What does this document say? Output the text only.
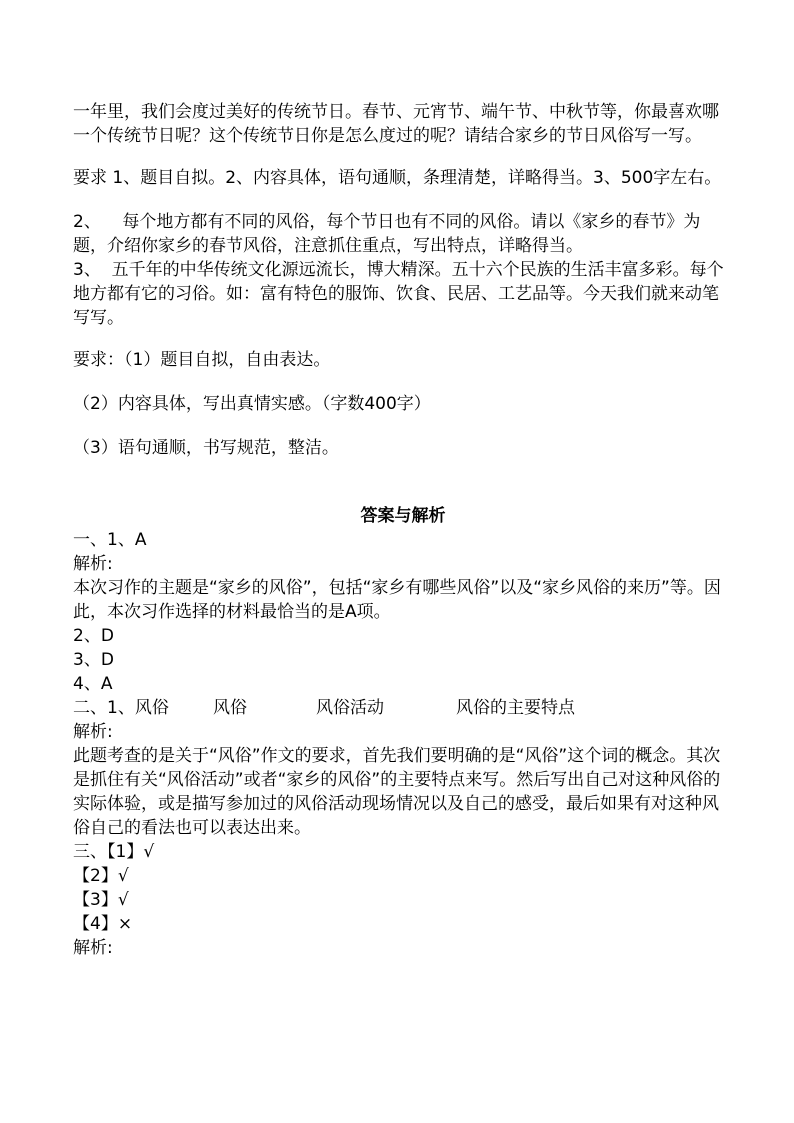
一年里，我们会度过美好的传统节日。春节、元宵节、端午节、中秋节等，你最喜欢哪一个传统节日呢？这个传统节日你是怎么度过的呢？请结合家乡的节日风俗写一写。

要求 1、题目自拟。2、内容具体，语句通顺，条理清楚，详略得当。3、500字左右。

2、    每个地方都有不同的风俗，每个节日也有不同的风俗。请以《家乡的春节》为题，介绍你家乡的春节风俗，注意抓住重点，写出特点，详略得当。

3、  五千年的中华传统文化源远流长，博大精深。五十六个民族的生活丰富多彩。每个地方都有它的习俗。如：富有特色的服饰、饮食、民居、工艺品等。今天我们就来动笔写写。

要求：（1）题目自拟，自由表达。

（2）内容具体，写出真情实感。（字数400字）

（3）语句通顺，书写规范，整洁。

答案与解析

一、1、A

解析:

本次习作的主题是“家乡的风俗”，包括“家乡有哪些风俗”以及“家乡风俗的来历”等。因此，本次习作选择的材料最恰当的是A项。

2、D

3、D

4、A

二、1、风俗	风俗	风俗活动	风俗的主要特点

解析:

此题考查的是关于“风俗”作文的要求，首先我们要明确的是“风俗”这个词的概念。其次是抓住有关“风俗活动”或者“家乡的风俗”的主要特点来写。然后写出自己对这种风俗的实际体验，或是描写参加过的风俗活动现场情况以及自己的感受，最后如果有对这种风俗自己的看法也可以表达出来。

三、【1】√

【2】√

【3】√

【4】×

解析:
